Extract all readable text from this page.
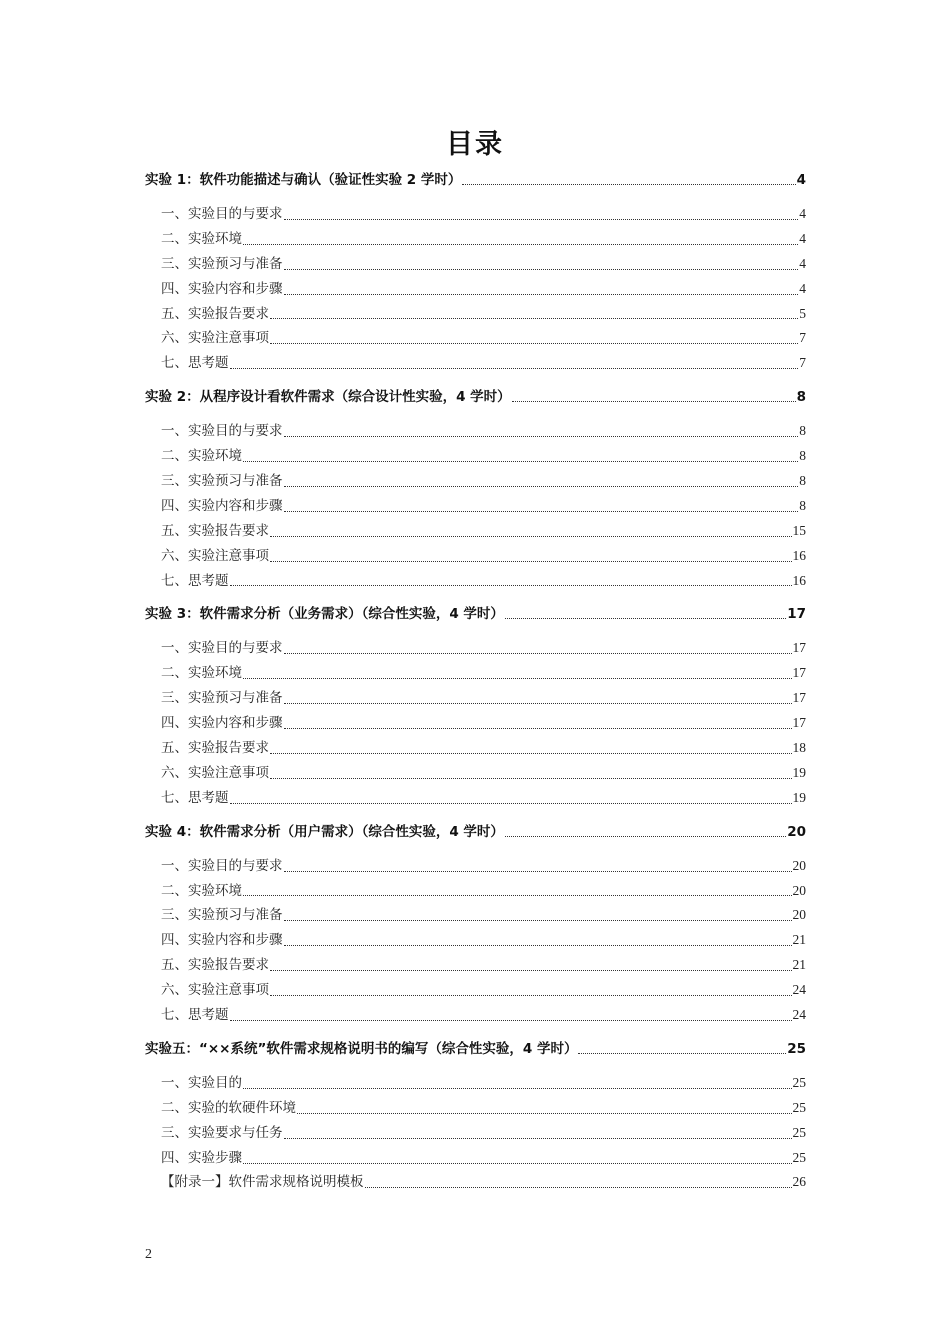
目录
实验 1：软件功能描述与确认（验证性实验 2 学时）	4
一、实验目的与要求	4
二、实验环境	4
三、实验预习与准备	4
四、实验内容和步骤	4
五、实验报告要求	5
六、实验注意事项	7
七、思考题	7
实验 2：从程序设计看软件需求（综合设计性实验，4 学时）	8
一、实验目的与要求	8
二、实验环境	8
三、实验预习与准备	8
四、实验内容和步骤	8
五、实验报告要求	15
六、实验注意事项	16
七、思考题	16
实验 3：软件需求分析（业务需求）（综合性实验，4 学时）	17
一、实验目的与要求	17
二、实验环境	17
三、实验预习与准备	17
四、实验内容和步骤	17
五、实验报告要求	18
六、实验注意事项	19
七、思考题	19
实验 4：软件需求分析（用户需求）（综合性实验，4 学时）	20
一、实验目的与要求	20
二、实验环境	20
三、实验预习与准备	20
四、实验内容和步骤	21
五、实验报告要求	21
六、实验注意事项	24
七、思考题	24
实验五：“××系统”软件需求规格说明书的编写（综合性实验，4 学时）	25
一、实验目的	25
二、实验的软硬件环境	25
三、实验要求与任务	25
四、实验步骤	25
【附录一】软件需求规格说明模板	26
2
